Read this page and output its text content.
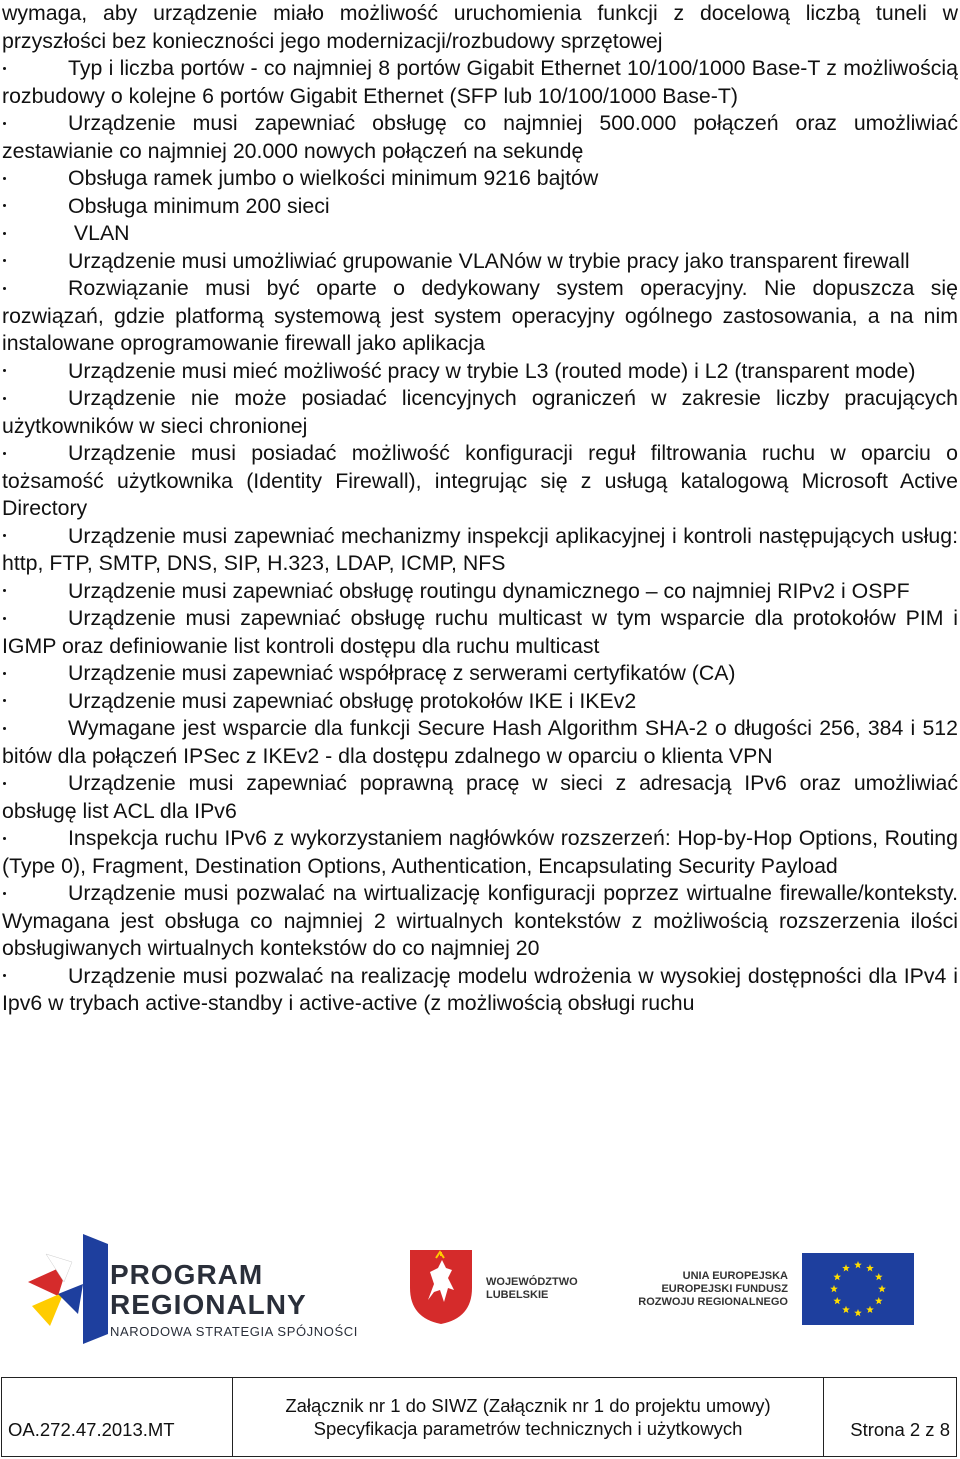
wymaga, aby urządzenie miało możliwość uruchomienia funkcji z docelową liczbą tuneli w przyszłości bez konieczności jego modernizacji/rozbudowy sprzętowej

Typ i liczba portów - co najmniej 8 portów Gigabit Ethernet 10/100/1000 Base-T z możliwością rozbudowy o kolejne 6 portów Gigabit Ethernet (SFP lub 10/100/1000 Base-T)

Urządzenie musi zapewniać obsługę co najmniej 500.000 połączeń oraz umożliwiać zestawianie co najmniej 20.000 nowych połączeń na sekundę

Obsługa ramek jumbo o wielkości minimum 9216 bajtów

Obsługa minimum 200 sieci

VLAN

Urządzenie musi umożliwiać grupowanie VLANów w trybie pracy jako transparent firewall

Rozwiązanie musi być oparte o dedykowany system operacyjny. Nie dopuszcza się rozwiązań, gdzie platformą systemową jest system operacyjny ogólnego zastosowania, a na nim instalowane oprogramowanie firewall jako aplikacja

Urządzenie musi mieć możliwość pracy w trybie L3 (routed mode) i L2 (transparent mode)

Urządzenie nie może posiadać licencyjnych ograniczeń w zakresie liczby pracujących użytkowników w sieci chronionej

Urządzenie musi posiadać możliwość konfiguracji reguł filtrowania ruchu w oparciu o tożsamość użytkownika (Identity Firewall), integrując się z usługą katalogową Microsoft Active Directory

Urządzenie musi zapewniać mechanizmy inspekcji aplikacyjnej i kontroli następujących usług: http, FTP, SMTP, DNS, SIP, H.323, LDAP, ICMP, NFS

Urządzenie musi zapewniać obsługę routingu dynamicznego – co najmniej RIPv2 i OSPF

Urządzenie musi zapewniać obsługę ruchu multicast w tym wsparcie dla protokołów PIM i IGMP oraz definiowanie list kontroli dostępu dla ruchu multicast

Urządzenie musi zapewniać współpracę z serwerami certyfikatów (CA)

Urządzenie musi zapewniać obsługę protokołów IKE i IKEv2

Wymagane jest wsparcie dla funkcji Secure Hash Algorithm SHA-2 o długości 256, 384 i 512 bitów dla połączeń IPSec z IKEv2 - dla dostępu zdalnego w oparciu o klienta VPN

Urządzenie musi zapewniać poprawną pracę w sieci z adresacją IPv6 oraz umożliwiać obsługę list ACL dla IPv6

Inspekcja ruchu IPv6 z wykorzystaniem nagłówków rozszerzeń: Hop-by-Hop Options, Routing (Type 0), Fragment, Destination Options, Authentication, Encapsulating Security Payload

Urządzenie musi pozwalać na wirtualizację konfiguracji poprzez wirtualne firewalle/konteksty. Wymagana jest obsługa co najmniej 2 wirtualnych kontekstów z możliwością rozszerzenia ilości obsługiwanych wirtualnych kontekstów do co najmniej 20

Urządzenie musi pozwalać na realizację modelu wdrożenia w wysokiej dostępności dla IPv4 i Ipv6 w trybach active-standby i active-active (z możliwością obsługi ruchu

PROGRAM
REGIONALNY
NARODOWA STRATEGIA SPÓJNOŚCI
WOJEWÓDZTWO
LUBELSKIE
UNIA EUROPEJSKA
EUROPEJSKI FUNDUSZ
ROZWOJU REGIONALNEGO
OA.272.47.2013.MT	
Załącznik nr 1 do SIWZ (Załącznik nr 1 do projektu umowy)
Specyfikacja parametrów technicznych i użytkowych	Strona 2 z 8
